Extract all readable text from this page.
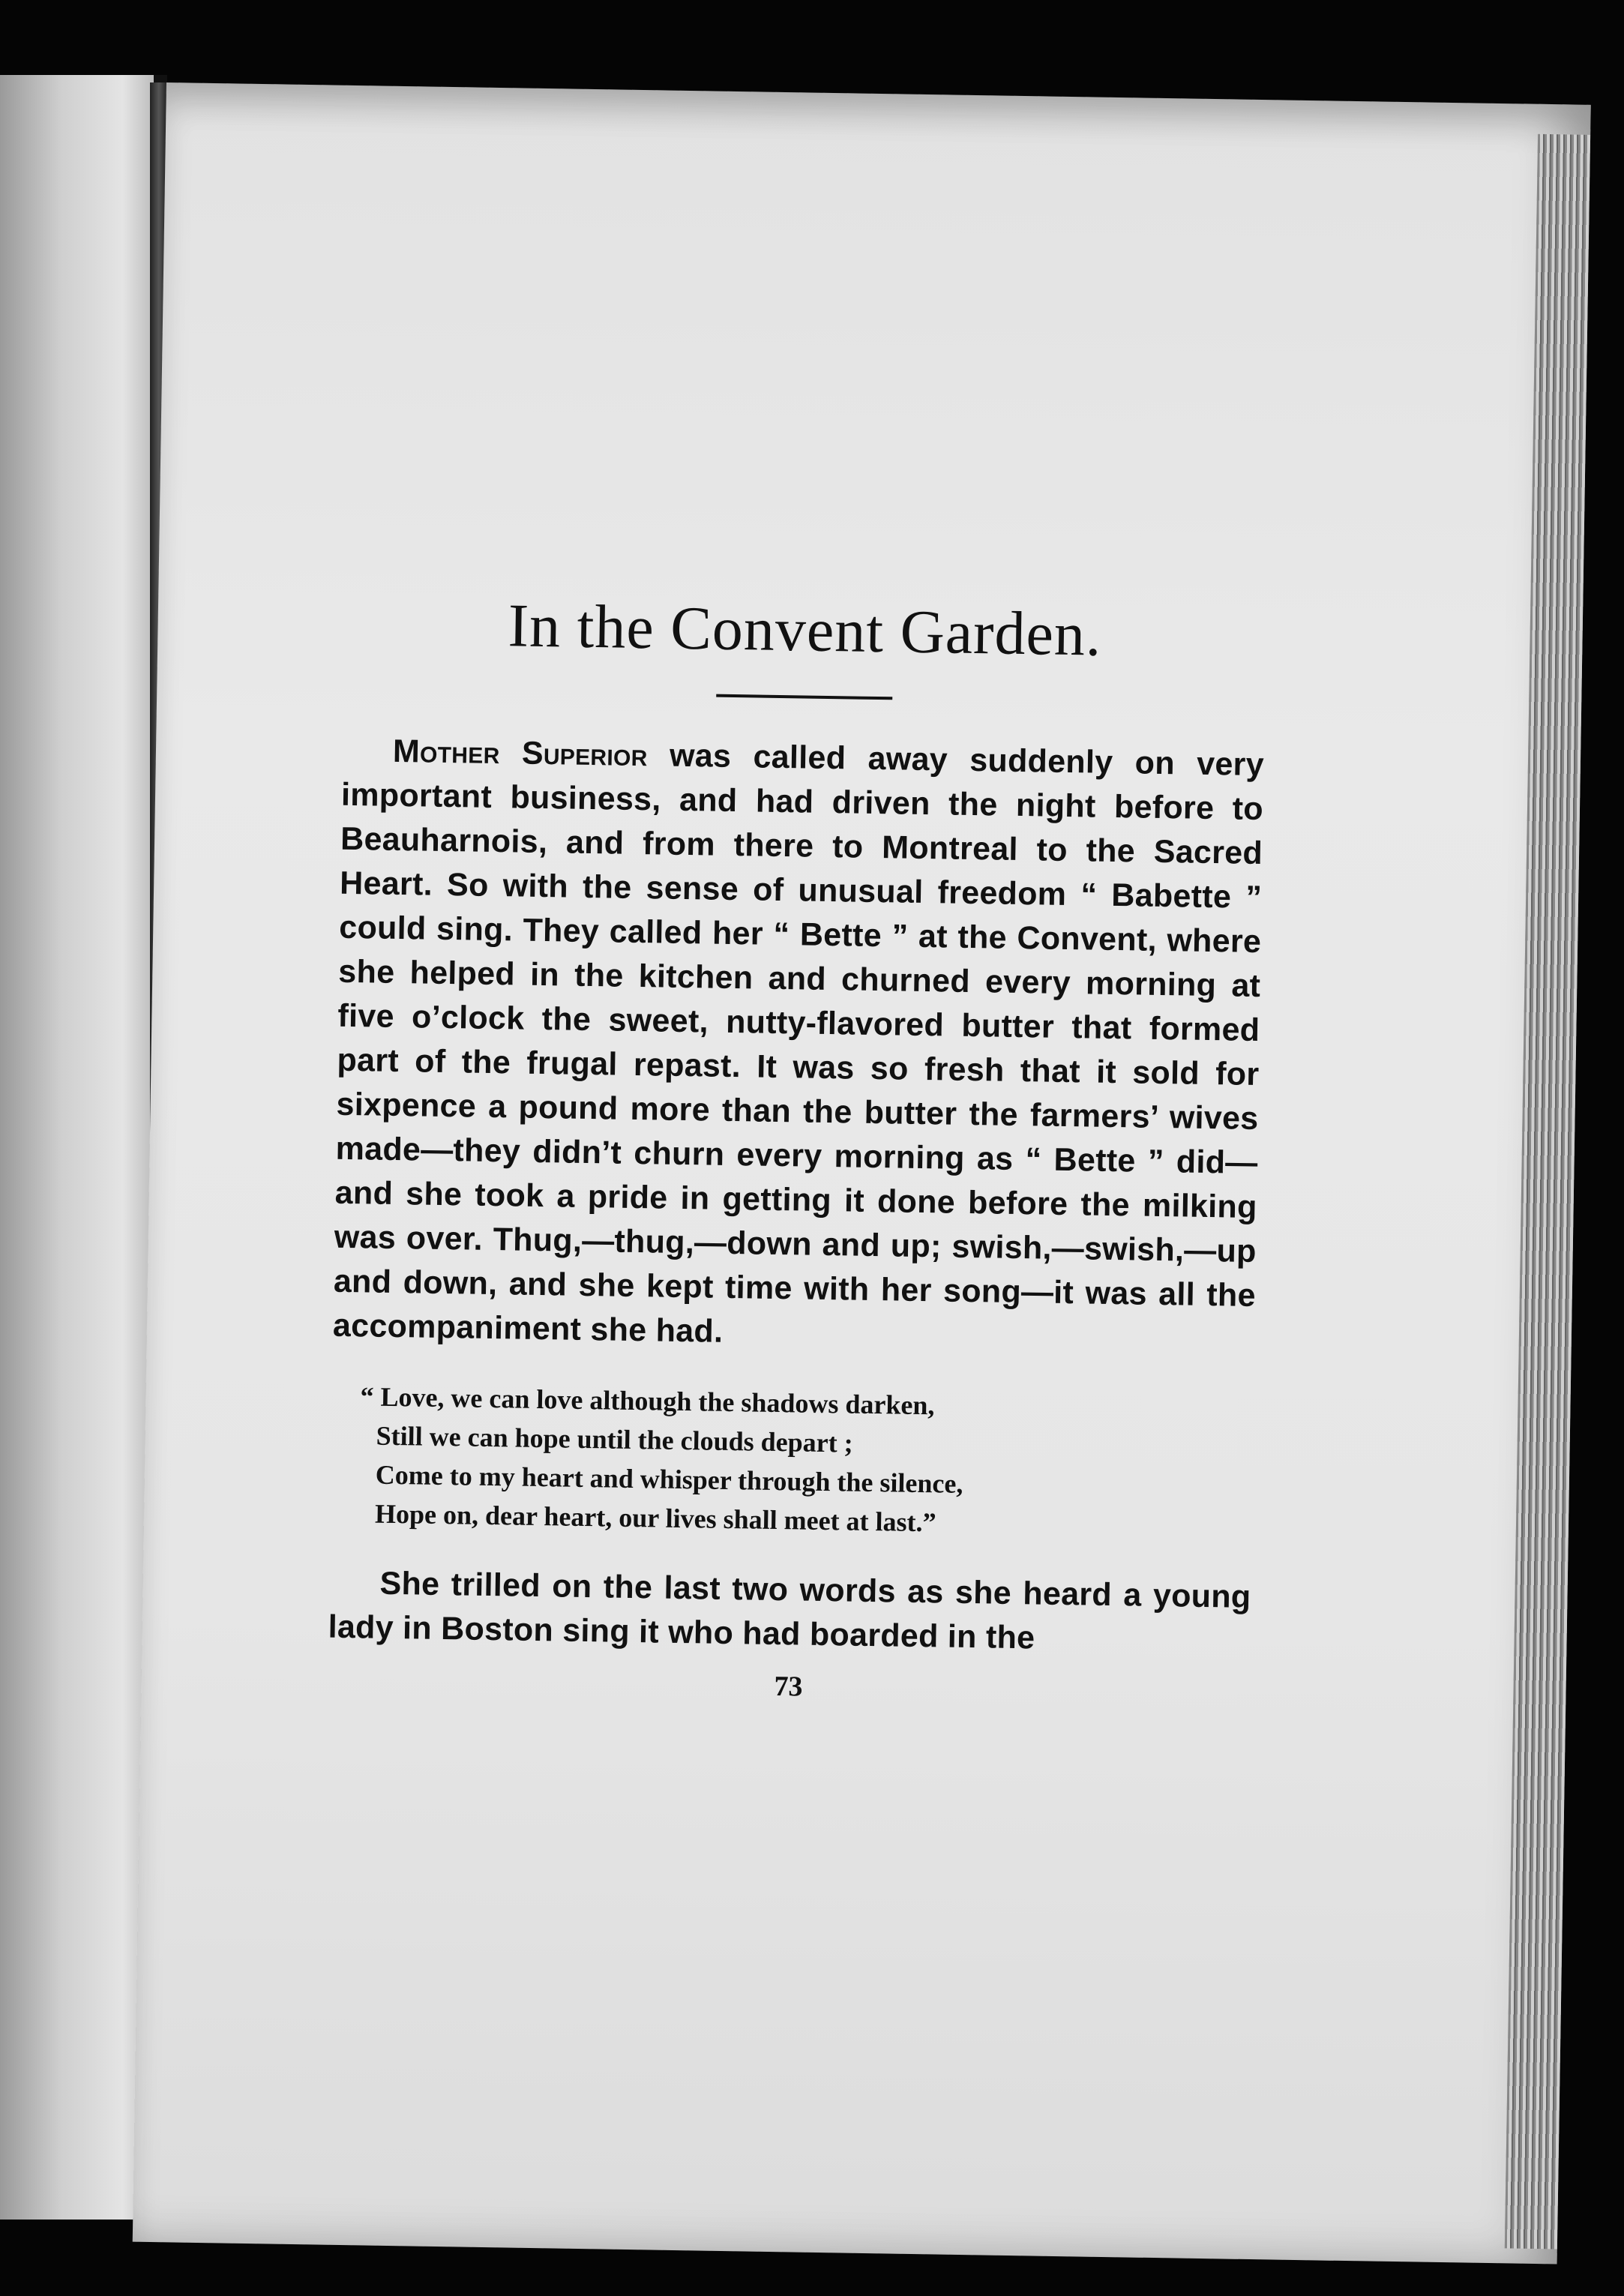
In the Convent Garden.

Mother Superior was called away suddenly on very important business, and had driven the night before to Beauharnois, and from there to Montreal to the Sacred Heart. So with the sense of unusual freedom “ Babette ” could sing. They called her “ Bette ” at the Convent, where she helped in the kitchen and churned every morning at five o’clock the sweet, nutty-flavored butter that formed part of the frugal repast. It was so fresh that it sold for sixpence a pound more than the butter the farmers’ wives made—they didn’t churn every morning as “ Bette ” did—and she took a pride in getting it done before the milking was over. Thug,—thug,—down and up; swish,—swish,—up and down, and she kept time with her song—it was all the accompaniment she had.

“ Love, we can love although the shadows darken,
Still we can hope until the clouds depart ;
Come to my heart and whisper through the silence,
Hope on, dear heart, our lives shall meet at last.”

She trilled on the last two words as she heard a young lady in Boston sing it who had boarded in the

73
